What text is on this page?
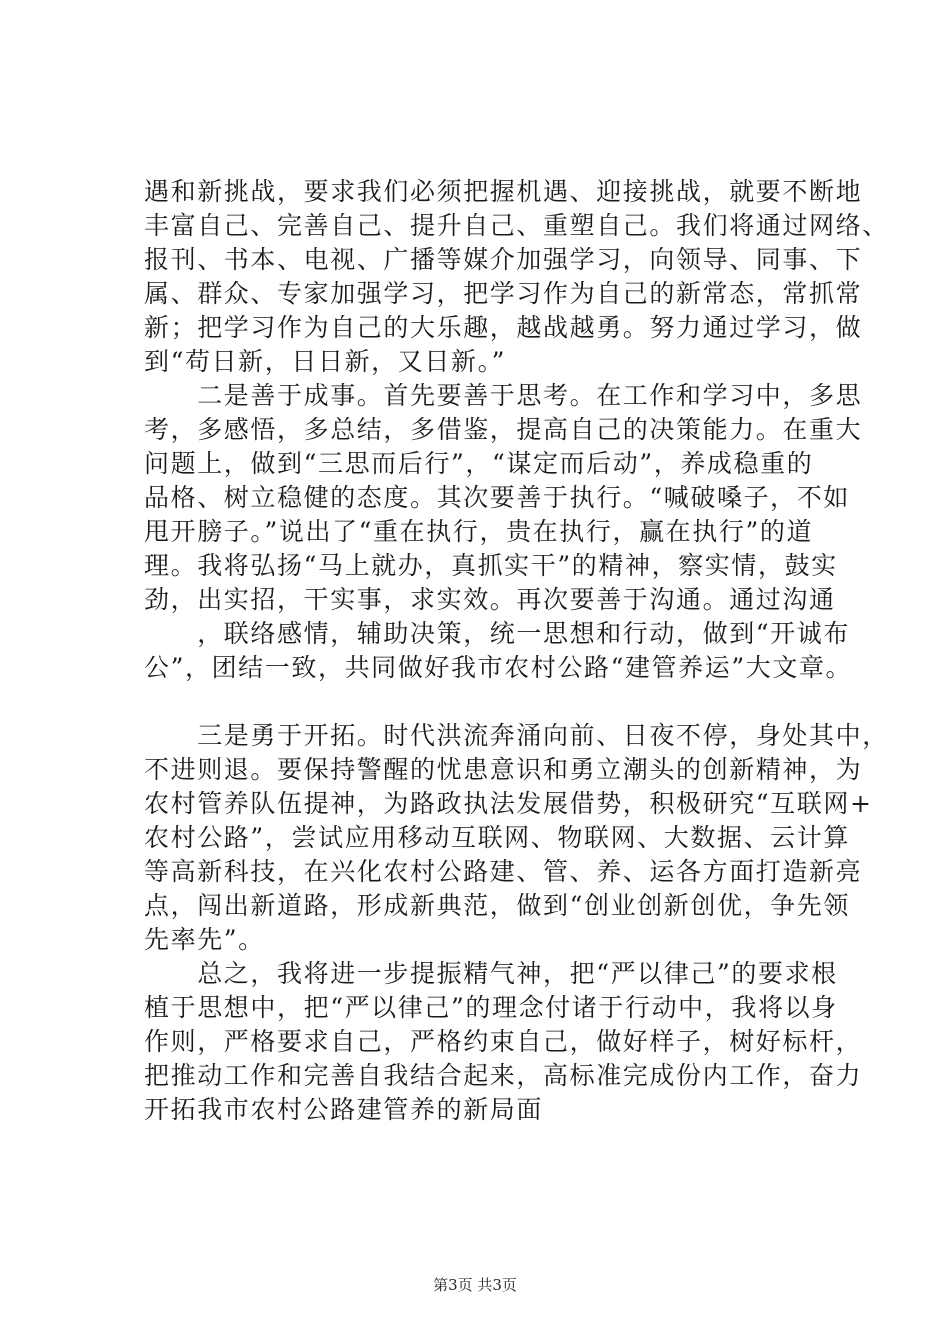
遇和新挑战，要求我们必须把握机遇、迎接挑战，就要不断地
丰富自己、完善自己、提升自己、重塑自己。我们将通过网络、
报刊、书本、电视、广播等媒介加强学习，向领导、同事、下
属、群众、专家加强学习，把学习作为自己的新常态，常抓常
新；把学习作为自己的大乐趣，越战越勇。努力通过学习，做
到“苟日新，日日新，又日新。”
　　二是善于成事。首先要善于思考。在工作和学习中，多思
考，多感悟，多总结，多借鉴，提高自己的决策能力。在重大
问题上，做到“三思而后行”，“谋定而后动”，养成稳重的
品格、树立稳健的态度。其次要善于执行。“喊破嗓子，不如
甩开膀子。”说出了“重在执行，贵在执行，赢在执行”的道
理。我将弘扬“马上就办，真抓实干”的精神，察实情，鼓实
劲，出实招，干实事，求实效。再次要善于沟通。通过沟通
　　，联络感情，辅助决策，统一思想和行动，做到“开诚布
公”，团结一致，共同做好我市农村公路“建管养运”大文章。
　　三是勇于开拓。时代洪流奔涌向前、日夜不停，身处其中，
不进则退。要保持警醒的忧患意识和勇立潮头的创新精神，为
农村管养队伍提神，为路政执法发展借势，积极研究“互联网+
农村公路”，尝试应用移动互联网、物联网、大数据、云计算
等高新科技，在兴化农村公路建、管、养、运各方面打造新亮
点，闯出新道路，形成新典范，做到“创业创新创优，争先领
先率先”。
　　总之，我将进一步提振精气神，把“严以律己”的要求根
植于思想中，把“严以律己”的理念付诸于行动中，我将以身
作则，严格要求自己，严格约束自己，做好样子，树好标杆，
把推动工作和完善自我结合起来，高标准完成份内工作，奋力
开拓我市农村公路建管养的新局面
第3页 共3页
